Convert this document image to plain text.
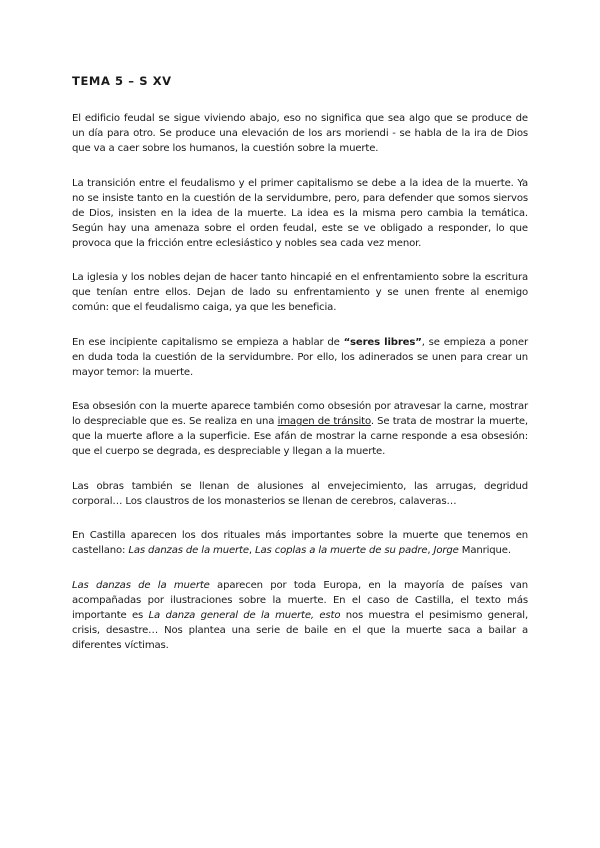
TEMA 5 – S XV

El edificio feudal se sigue viviendo abajo, eso no significa que sea algo que se produce de un día para otro. Se produce una elevación de los ars moriendi - se habla de la ira de Dios que va a caer sobre los humanos, la cuestión sobre la muerte.

La transición entre el feudalismo y el primer capitalismo se debe a la idea de la muerte. Ya no se insiste tanto en la cuestión de la servidumbre, pero, para defender que somos siervos de Dios, insisten en la idea de la muerte. La idea es la misma pero cambia la temática. Según hay una amenaza sobre el orden feudal, este se ve obligado a responder, lo que provoca que la fricción entre eclesiástico y nobles sea cada vez menor.

La iglesia y los nobles dejan de hacer tanto hincapié en el enfrentamiento sobre la escritura que tenían entre ellos. Dejan de lado su enfrentamiento y se unen frente al enemigo común: que el feudalismo caiga, ya que les beneficia.

En ese incipiente capitalismo se empieza a hablar de “seres libres”, se empieza a poner en duda toda la cuestión de la servidumbre. Por ello, los adinerados se unen para crear un mayor temor: la muerte.

Esa obsesión con la muerte aparece también como obsesión por atravesar la carne, mostrar lo despreciable que es. Se realiza en una imagen de tránsito. Se trata de mostrar la muerte, que la muerte aflore a la superficie. Ese afán de mostrar la carne responde a esa obsesión: que el cuerpo se degrada, es despreciable y llegan a la muerte.

Las obras también se llenan de alusiones al envejecimiento, las arrugas, degridud corporal… Los claustros de los monasterios se llenan de cerebros, calaveras…

En Castilla aparecen los dos rituales más importantes sobre la muerte que tenemos en castellano: Las danzas de la muerte, Las coplas a la muerte de su padre, Jorge Manrique.

Las danzas de la muerte aparecen por toda Europa, en la mayoría de países van acompañadas por ilustraciones sobre la muerte. En el caso de Castilla, el texto más importante es La danza general de la muerte, esto nos muestra el pesimismo general, crisis, desastre… Nos plantea una serie de baile en el que la muerte saca a bailar a diferentes víctimas.
